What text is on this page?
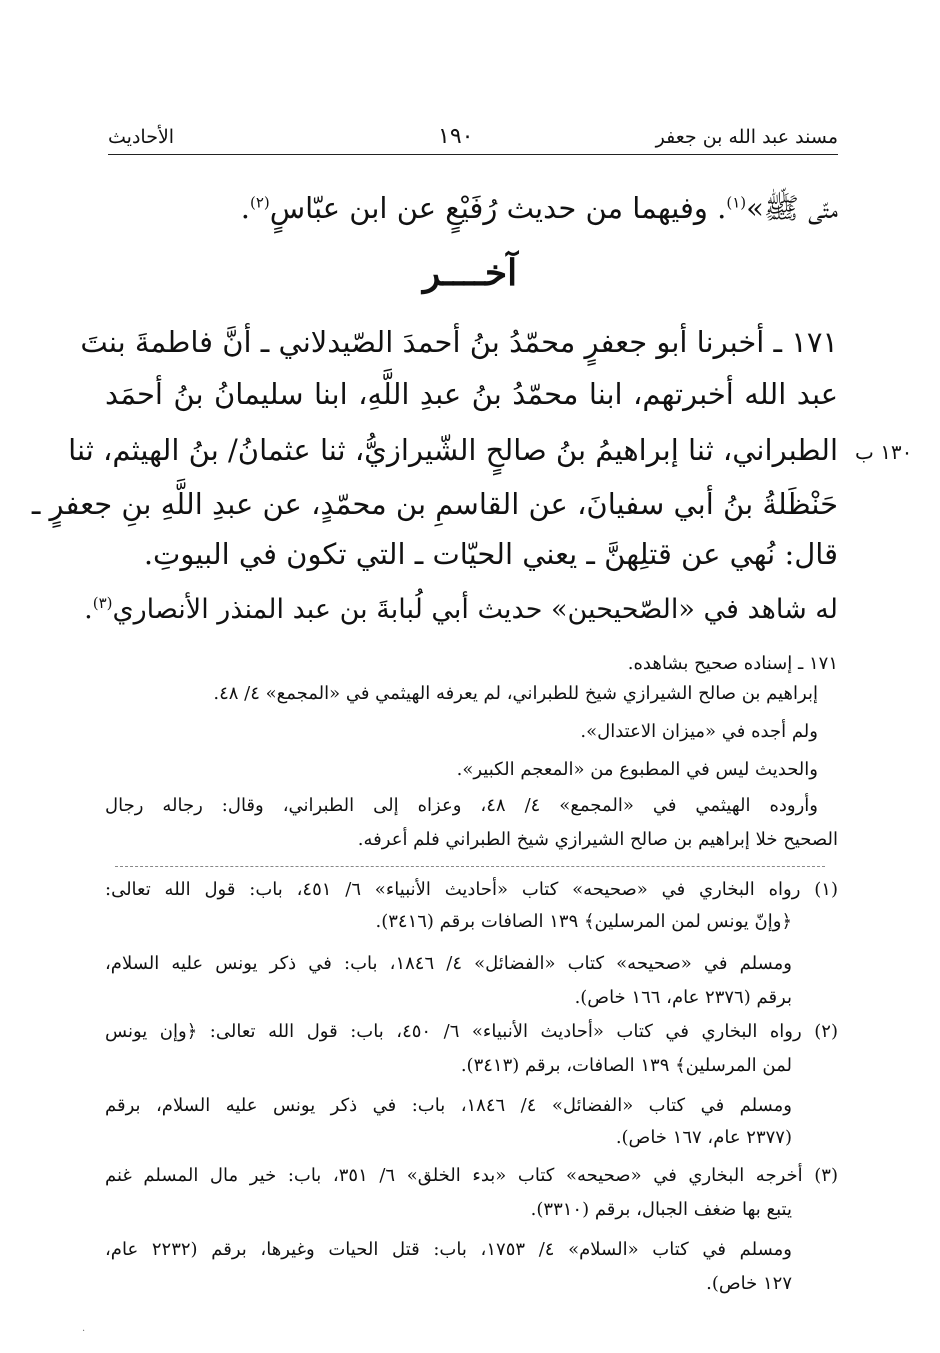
مسند عبد الله بن جعفر
١٩٠
الأحاديث
متّى ﷺ»$^{(١)}$. وفيهما من حديث رُفَيْعٍ عن ابن عبّاسٍ$^{(٢)}$.
آخــــر
١٧١ ـ أخبرنا أبو جعفرٍ محمّدُ بنُ أحمدَ الصّيدلاني ـ أنَّ فاطمةَ بنتَ
عبد الله أخبرتهم، ابنا محمّدُ بنُ عبدِ اللَّهِ، ابنا سليمانُ بنُ أحمَد
الطبراني، ثنا إبراهيمُ بنُ صالحٍ الشّيرازيُّ، ثنا عثمانُ/ بنُ الهيثم، ثنا
حَنْظَلةُ بنُ أبي سفيانَ، عن القاسمِ بن محمّدٍ، عن عبدِ اللَّهِ بنِ جعفرٍ ـ
قال: نُهي عن قتلِهنَّ ـ يعني الحيّات ـ التي تكون في البيوتِ.
١٣٠ ب
له شاهد في «الصّحيحين» حديث أبي لُبابةَ بن عبد المنذر الأنصاري$^{(٣)}$.
١٧١ ـ إسناده صحيح بشاهده.
إبراهيم بن صالح الشيرازي شيخ للطبراني، لم يعرفه الهيثمي في «المجمع» ٤/ ٤٨.
ولم أجده في «ميزان الاعتدال».
والحديث ليس في المطبوع من «المعجم الكبير».
وأروده الهيثمي في «المجمع» ٤/ ٤٨، وعزاه إلى الطبراني، وقال: رجاله رجال
الصحيح خلا إبراهيم بن صالح الشيرازي شيخ الطبراني فلم أعرفه.
(١) رواه البخاري في «صحيحه» كتاب «أحاديث الأنبياء» ٦/ ٤٥١، باب: قول الله تعالى:
﴿وإنّ يونس لمن المرسلين﴾ ١٣٩ الصافات برقم (٣٤١٦).
ومسلم في «صحيحه» كتاب «الفضائل» ٤/ ١٨٤٦، باب: في ذكر يونس عليه السلام،
برقم (٢٣٧٦ عام، ١٦٦ خاص).
(٢) رواه البخاري في كتاب «أحاديث الأنبياء» ٦/ ٤٥٠، باب: قول الله تعالى: ﴿وإن يونس
لمن المرسلين﴾ ١٣٩ الصافات، برقم (٣٤١٣).
ومسلم في كتاب «الفضائل» ٤/ ١٨٤٦، باب: في ذكر يونس عليه السلام، برقم
(٢٣٧٧ عام، ١٦٧ خاص).
(٣) أخرجه البخاري في «صحيحه» كتاب «بدء الخلق» ٦/ ٣٥١، باب: خير مال المسلم غنم
يتبع بها ضغف الجبال، برقم (٣٣١٠).
ومسلم في كتاب «السلام» ٤/ ١٧٥٣، باب: قتل الحيات وغيرها، برقم (٢٢٣٢ عام،
١٢٧ خاص).
·
